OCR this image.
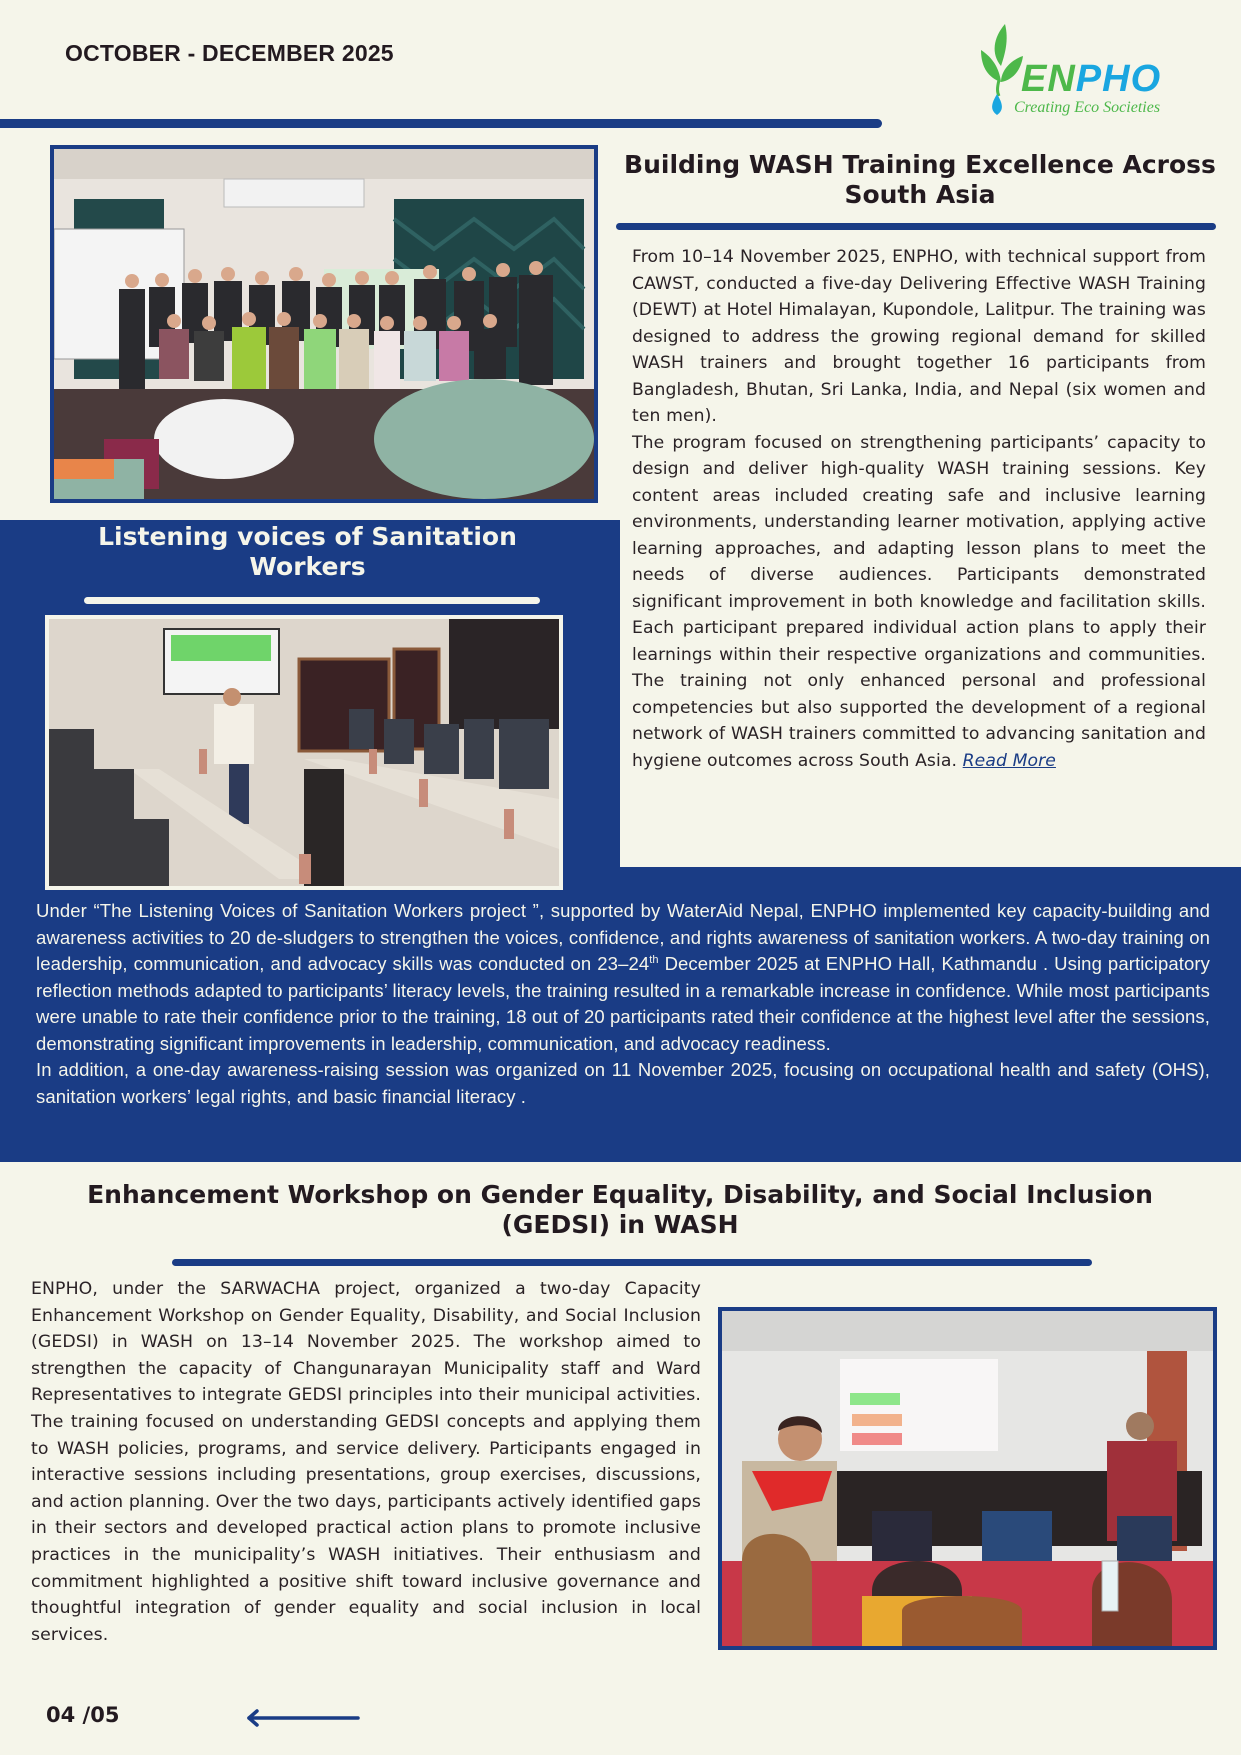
OCTOBER - DECEMBER 2025
ENPHO
Creating Eco Societies
Building WASH Training Excellence Across South Asia

From 10–14 November 2025, ENPHO, with technical support from CAWST, conducted a five-day Delivering Effective WASH Training (DEWT) at Hotel Himalayan, Kupondole, Lalitpur. The training was designed to address the growing regional demand for skilled WASH trainers and brought together 16 participants from Bangladesh, Bhutan, Sri Lanka, India, and Nepal (six women and ten men).

The program focused on strengthening participants’ capacity to design and deliver high-quality WASH training sessions. Key content areas included creating safe and inclusive learning environments, understanding learner motivation, applying active learning approaches, and adapting lesson plans to meet the needs of diverse audiences. Participants demonstrated significant improvement in both knowledge and facilitation skills. Each participant prepared individual action plans to apply their learnings within their respective organizations and communities. The training not only enhanced personal and professional competencies but also supported the development of a regional network of WASH trainers committed to advancing sanitation and hygiene outcomes across South Asia. Read More

Listening voices of Sanitation Workers

Under “The Listening Voices of Sanitation Workers project ”, supported by WaterAid Nepal, ENPHO implemented key capacity-building and awareness activities to 20 de-sludgers to strengthen the voices, confidence, and rights awareness of sanitation workers. A two-day training on leadership, communication, and advocacy skills was conducted on 23–24th December 2025 at ENPHO Hall, Kathmandu . Using participatory reflection methods adapted to participants’ literacy levels, the training resulted in a remarkable increase in confidence. While most participants were unable to rate their confidence prior to the training, 18 out of 20 participants rated their confidence at the highest level after the sessions, demonstrating significant improvements in leadership, communication, and advocacy readiness.

In addition, a one-day awareness-raising session was organized on 11 November 2025, focusing on occupational health and safety (OHS), sanitation workers’ legal rights, and basic financial literacy .

Enhancement Workshop on Gender Equality, Disability, and Social Inclusion (GEDSI) in WASH

ENPHO, under the SARWACHA project, organized a two-day Capacity Enhancement Workshop on Gender Equality, Disability, and Social Inclusion (GEDSI) in WASH on 13–14 November 2025. The workshop aimed to strengthen the capacity of Changunarayan Municipality staff and Ward Representatives to integrate GEDSI principles into their municipal activities. The training focused on understanding GEDSI concepts and applying them to WASH policies, programs, and service delivery. Participants engaged in interactive sessions including presentations, group exercises, discussions, and action planning. Over the two days, participants actively identified gaps in their sectors and developed practical action plans to promote inclusive practices in the municipality’s WASH initiatives. Their enthusiasm and commitment highlighted a positive shift toward inclusive governance and thoughtful integration of gender equality and social inclusion in local services.

04 /05
